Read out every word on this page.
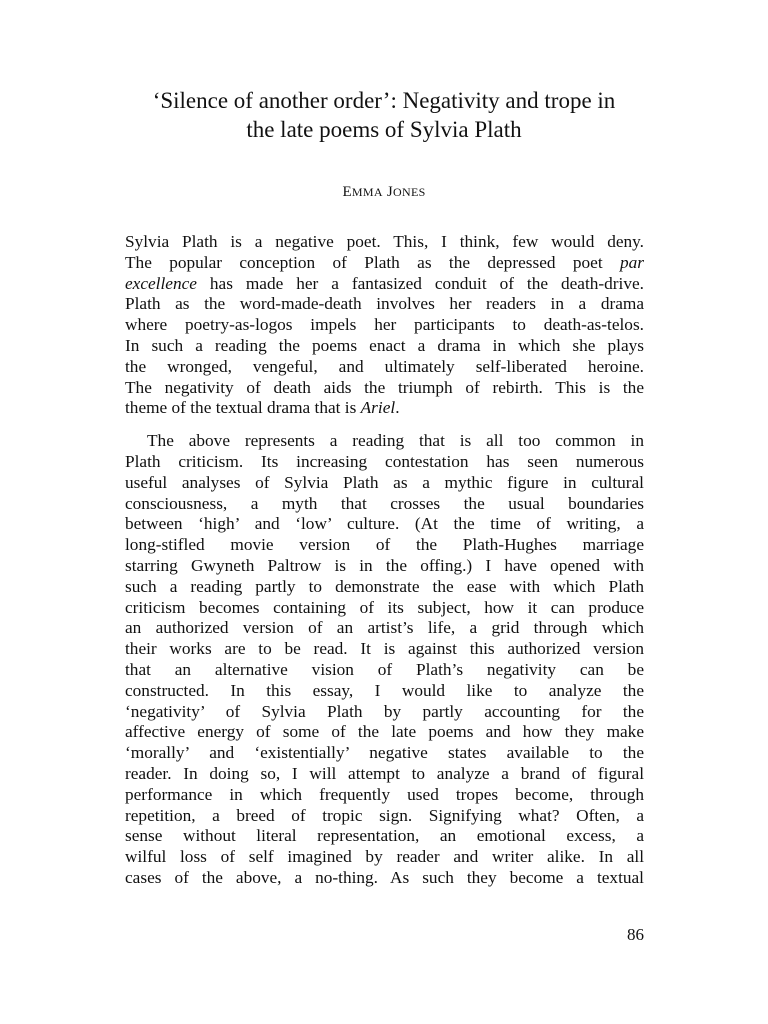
‘Silence of another order’: Negativity and trope in
the late poems of Sylvia Plath
EMMA JONES

Sylvia Plath is a negative poet. This, I think, few would deny.
The popular conception of Plath as the depressed poet par
excellence has made her a fantasized conduit of the death-drive.
Plath as the word-made-death involves her readers in a drama
where poetry-as-logos impels her participants to death-as-telos.
In such a reading the poems enact a drama in which she plays
the wronged, vengeful, and ultimately self-liberated heroine.
The negativity of death aids the triumph of rebirth. This is the
theme of the textual drama that is Ariel.

The above represents a reading that is all too common in
Plath criticism. Its increasing contestation has seen numerous
useful analyses of Sylvia Plath as a mythic figure in cultural
consciousness, a myth that crosses the usual boundaries
between ‘high’ and ‘low’ culture. (At the time of writing, a
long-stifled movie version of the Plath-Hughes marriage
starring Gwyneth Paltrow is in the offing.) I have opened with
such a reading partly to demonstrate the ease with which Plath
criticism becomes containing of its subject, how it can produce
an authorized version of an artist’s life, a grid through which
their works are to be read. It is against this authorized version
that an alternative vision of Plath’s negativity can be
constructed. In this essay, I would like to analyze the
‘negativity’ of Sylvia Plath by partly accounting for the
affective energy of some of the late poems and how they make
‘morally’ and ‘existentially’ negative states available to the
reader. In doing so, I will attempt to analyze a brand of figural
performance in which frequently used tropes become, through
repetition, a breed of tropic sign. Signifying what? Often, a
sense without literal representation, an emotional excess, a
wilful loss of self imagined by reader and writer alike. In all
cases of the above, a no-thing. As such they become a textual

86
